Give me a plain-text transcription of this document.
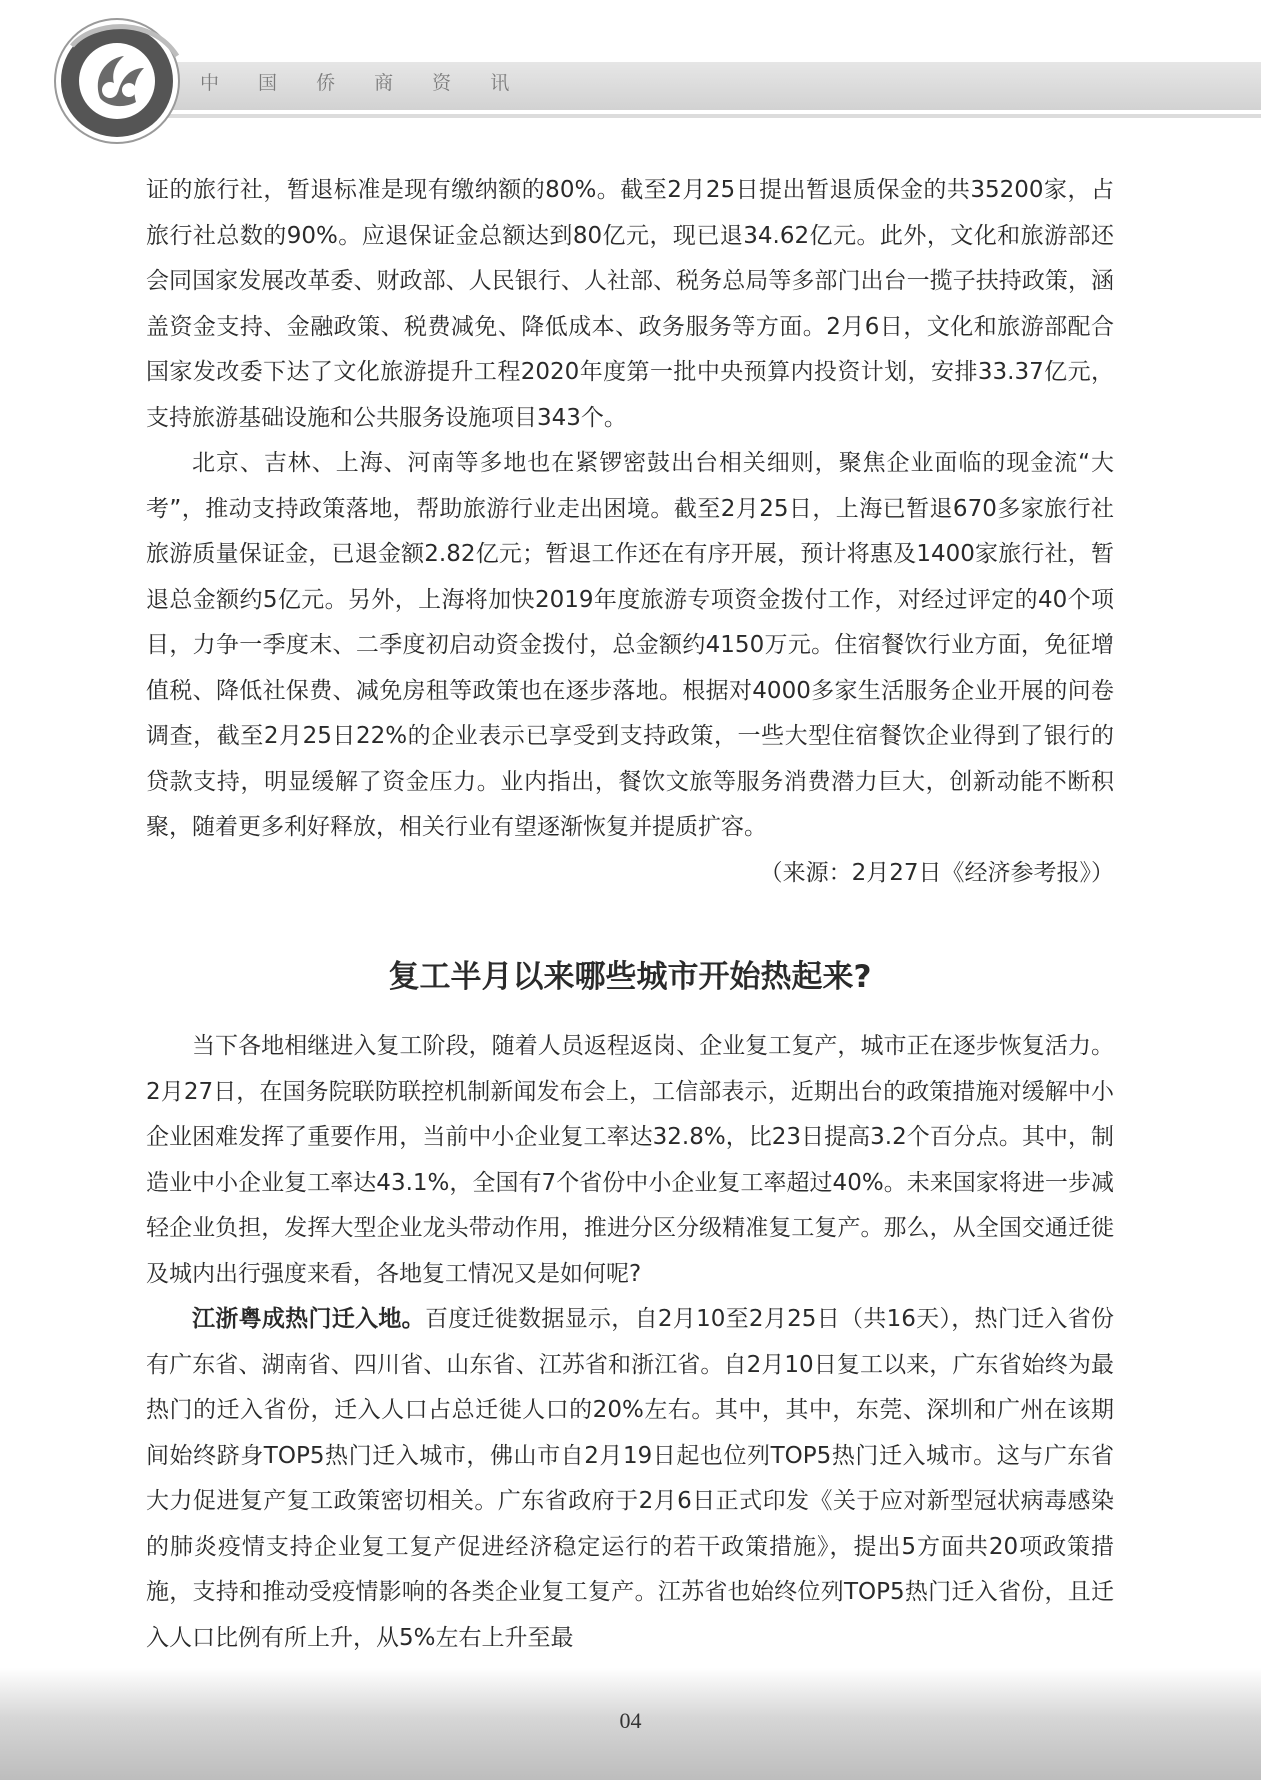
中 国 侨 商 资 讯

证的旅行社，暂退标准是现有缴纳额的80%。截至2月25日提出暂退质保金的共35200家，占旅行社总数的90%。应退保证金总额达到80亿元，现已退34.62亿元。此外，文化和旅游部还会同国家发展改革委、财政部、人民银行、人社部、税务总局等多部门出台一揽子扶持政策，涵盖资金支持、金融政策、税费减免、降低成本、政务服务等方面。2月6日，文化和旅游部配合国家发改委下达了文化旅游提升工程2020年度第一批中央预算内投资计划，安排33.37亿元，支持旅游基础设施和公共服务设施项目343个。

北京、吉林、上海、河南等多地也在紧锣密鼓出台相关细则，聚焦企业面临的现金流“大考”，推动支持政策落地，帮助旅游行业走出困境。截至2月25日，上海已暂退670多家旅行社旅游质量保证金，已退金额2.82亿元；暂退工作还在有序开展，预计将惠及1400家旅行社，暂退总金额约5亿元。另外，上海将加快2019年度旅游专项资金拨付工作，对经过评定的40个项目，力争一季度末、二季度初启动资金拨付，总金额约4150万元。住宿餐饮行业方面，免征增值税、降低社保费、减免房租等政策也在逐步落地。根据对4000多家生活服务企业开展的问卷调查，截至2月25日22%的企业表示已享受到支持政策，一些大型住宿餐饮企业得到了银行的贷款支持，明显缓解了资金压力。业内指出，餐饮文旅等服务消费潜力巨大，创新动能不断积聚，随着更多利好释放，相关行业有望逐渐恢复并提质扩容。

（来源：2月27日《经济参考报》）

复工半月以来哪些城市开始热起来?

当下各地相继进入复工阶段，随着人员返程返岗、企业复工复产，城市正在逐步恢复活力。2月27日，在国务院联防联控机制新闻发布会上，工信部表示，近期出台的政策措施对缓解中小企业困难发挥了重要作用，当前中小企业复工率达32.8%，比23日提高3.2个百分点。其中，制造业中小企业复工率达43.1%，全国有7个省份中小企业复工率超过40%。未来国家将进一步减轻企业负担，发挥大型企业龙头带动作用，推进分区分级精准复工复产。那么，从全国交通迁徙及城内出行强度来看，各地复工情况又是如何呢?

江浙粤成热门迁入地。百度迁徙数据显示，自2月10至2月25日（共16天），热门迁入省份有广东省、湖南省、四川省、山东省、江苏省和浙江省。自2月10日复工以来，广东省始终为最热门的迁入省份，迁入人口占总迁徙人口的20%左右。其中，其中，东莞、深圳和广州在该期间始终跻身TOP5热门迁入城市，佛山市自2月19日起也位列TOP5热门迁入城市。这与广东省大力促进复产复工政策密切相关。广东省政府于2月6日正式印发《关于应对新型冠状病毒感染的肺炎疫情支持企业复工复产促进经济稳定运行的若干政策措施》，提出5方面共20项政策措施，支持和推动受疫情影响的各类企业复工复产。江苏省也始终位列TOP5热门迁入省份，且迁入人口比例有所上升，从5%左右上升至最

04
